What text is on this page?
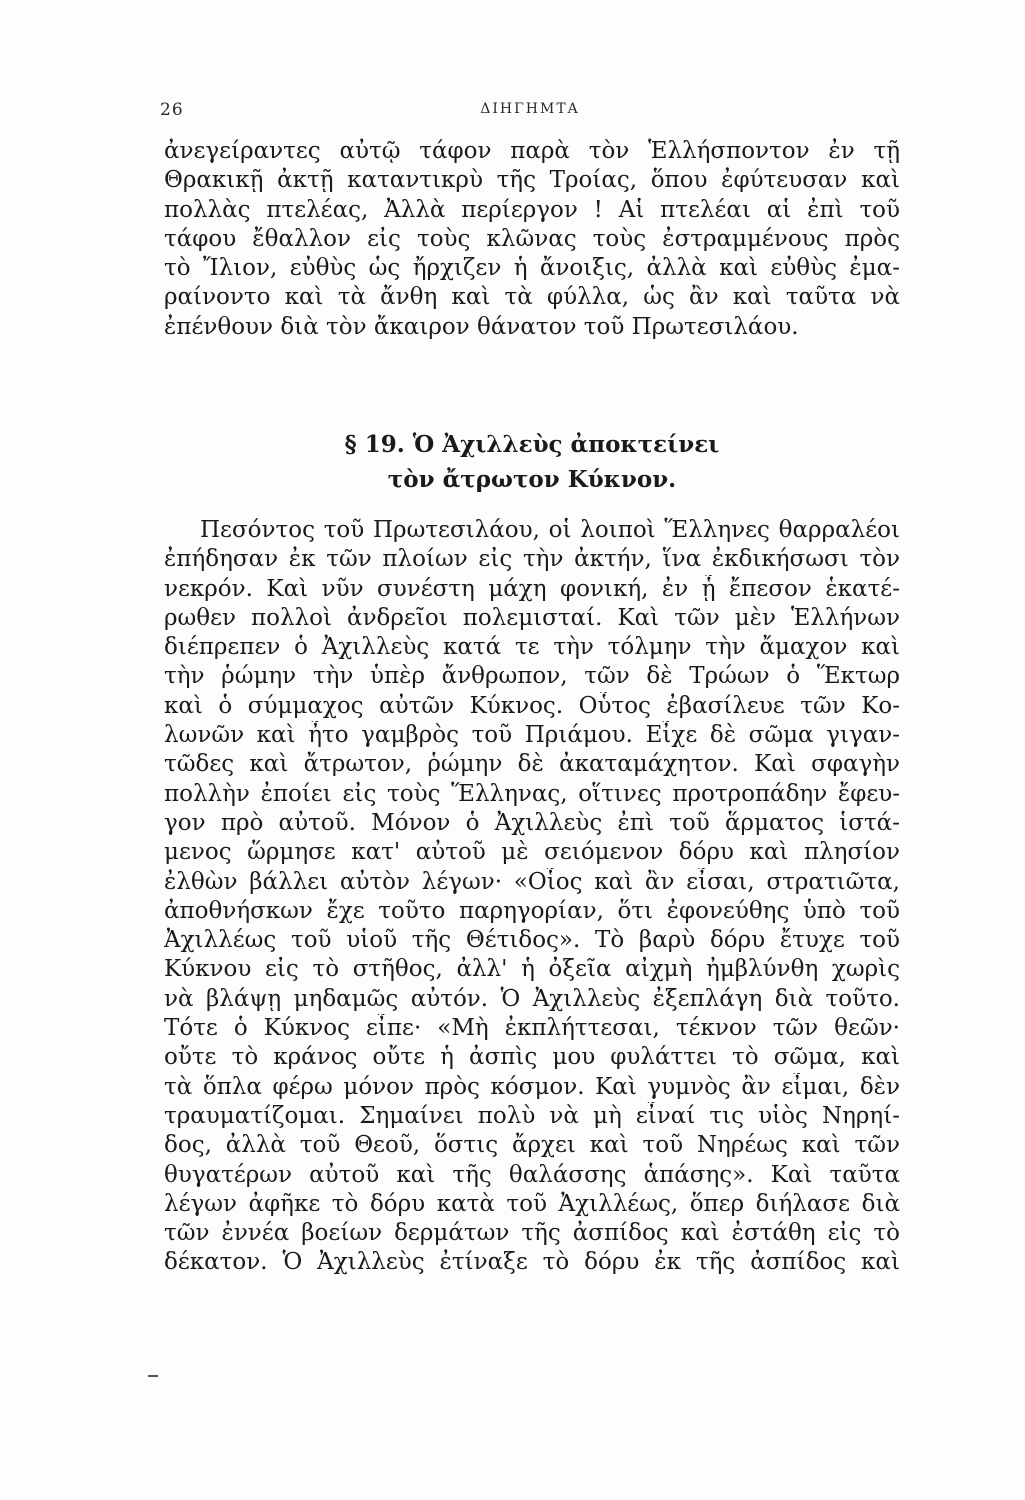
26	ΔΙΗΓΗΜΤΑ
ἀνεγείραντες αὐτῷ τάφον παρὰ τὸν Ἑλλήσποντον ἐν τῇ
Θρακικῇ ἀκτῇ καταντικρὺ τῆς Τροίας, ὅπου ἐφύτευσαν καὶ
πολλὰς πτελέας, Ἀλλὰ περίεργον ! Αἱ πτελέαι αἱ ἐπὶ τοῦ
τάφου ἔθαλλον εἰς τοὺς κλῶνας τοὺς ἐστραμμένους πρὸς
τὸ Ἴλιον, εὐθὺς ὡς ἤρχιζεν ἡ ἄνοιξις, ἀλλὰ καὶ εὐθὺς ἐμα-
ραίνοντο καὶ τὰ ἄνθη καὶ τὰ φύλλα, ὡς ἂν καὶ ταῦτα νὰ
ἐπένθουν διὰ τὸν ἄκαιρον θάνατον τοῦ Πρωτεσιλάου.
§ 19. Ὁ Ἀχιλλεὺς ἀποκτείνει
τὸν ἄτρωτον Κύκνον.
Πεσόντος τοῦ Πρωτεσιλάου, οἱ λοιποὶ Ἕλληνες θαρραλέοι
ἐπήδησαν ἐκ τῶν πλοίων εἰς τὴν ἀκτήν, ἵνα ἐκδικήσωσι τὸν
νεκρόν. Καὶ νῦν συνέστη μάχη φονική, ἐν ᾗ ἔπεσον ἑκατέ-
ρωθεν πολλοὶ ἀνδρεῖοι πολεμισταί. Καὶ τῶν μὲν Ἑλλήνων
διέπρεπεν ὁ Ἀχιλλεὺς κατά τε τὴν τόλμην τὴν ἄμαχον καὶ
τὴν ῥώμην τὴν ὑπὲρ ἄνθρωπον, τῶν δὲ Τρώων ὁ Ἕκτωρ
καὶ ὁ σύμμαχος αὐτῶν Κύκνος. Οὗτος ἐβασίλευε τῶν Κο-
λωνῶν καὶ ἦτο γαμβρὸς τοῦ Πριάμου. Εἶχε δὲ σῶμα γιγαν-
τῶδες καὶ ἄτρωτον, ῥώμην δὲ ἀκαταμάχητον. Καὶ σφαγὴν
πολλὴν ἐποίει εἰς τοὺς Ἕλληνας, οἵτινες προτροπάδην ἔφευ-
γον πρὸ αὐτοῦ. Μόνον ὁ Ἀχιλλεὺς ἐπὶ τοῦ ἅρματος ἱστά-
μενος ὥρμησε κατ' αὐτοῦ μὲ σειόμενον δόρυ καὶ πλησίον
ἐλθὼν βάλλει αὐτὸν λέγων· «Οἷος καὶ ἂν εἶσαι, στρατιῶτα,
ἀποθνήσκων ἔχε τοῦτο παρηγορίαν, ὅτι ἐφονεύθης ὑπὸ τοῦ
Ἀχιλλέως τοῦ υἱοῦ τῆς Θέτιδος». Τὸ βαρὺ δόρυ ἔτυχε τοῦ
Κύκνου εἰς τὸ στῆθος, ἀλλ' ἡ ὀξεῖα αἰχμὴ ἠμβλύνθη χωρὶς
νὰ βλάψῃ μηδαμῶς αὐτόν. Ὁ Ἀχιλλεὺς ἐξεπλάγη διὰ τοῦτο.
Τότε ὁ Κύκνος εἶπε· «Μὴ ἐκπλήττεσαι, τέκνον τῶν θεῶν·
οὔτε τὸ κράνος οὔτε ἡ ἀσπὶς μου φυλάττει τὸ σῶμα, καὶ
τὰ ὅπλα φέρω μόνον πρὸς κόσμον. Καὶ γυμνὸς ἂν εἶμαι, δὲν
τραυματίζομαι. Σημαίνει πολὺ νὰ μὴ εἶναί τις υἱὸς Νηρηί-
δος, ἀλλὰ τοῦ Θεοῦ, ὅστις ἄρχει καὶ τοῦ Νηρέως καὶ τῶν
θυγατέρων αὐτοῦ καὶ τῆς θαλάσσης ἁπάσης». Καὶ ταῦτα
λέγων ἀφῆκε τὸ δόρυ κατὰ τοῦ Ἀχιλλέως, ὅπερ διήλασε διὰ
τῶν ἐννέα βοείων δερμάτων τῆς ἀσπίδος καὶ ἐστάθη εἰς τὸ
δέκατον. Ὁ Ἀχιλλεὺς ἐτίναξε τὸ δόρυ ἐκ τῆς ἀσπίδος καὶ
